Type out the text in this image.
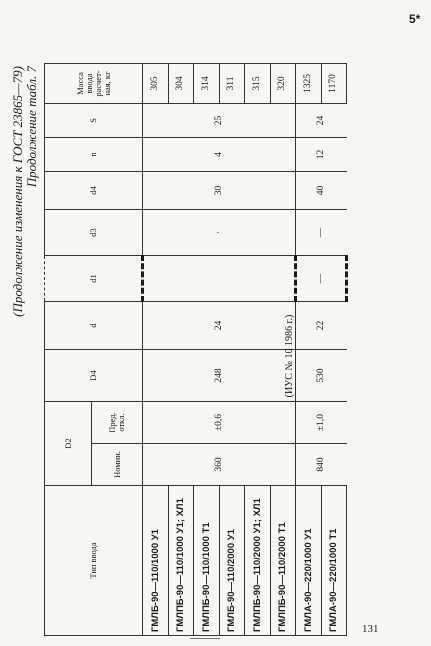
(Продолжение изменения к ГОСТ 23865—79) Продолжение табл. 7
Тип ввода	D2		D4	d	d1	d3	d4	n	S	Масса ввода расчет-ная, кг
	Номин.	Пред. откл.								
ГМЛБ-90—110/1000 У1	360	±0,6	248	24		·	30	4	25	305
ГМЛПБ-90—110/1000 У1; ХЛ1										304
ГМЛПБ-90—110/1000 Т1										314
ГМЛБ-90—110/2000 У1										311
ГМЛПБ-90—110/2000 У1; ХЛ1										315
ГМЛПБ-90—110/2000 Т1										320
ГМЛА-90—220/1000 У1	840	±1,0	530	22	—	—	40	12	24	1325
ГМЛА-90—220/1000 Т1										1170
(ИУС № 10 1986 г.)
5*
131
